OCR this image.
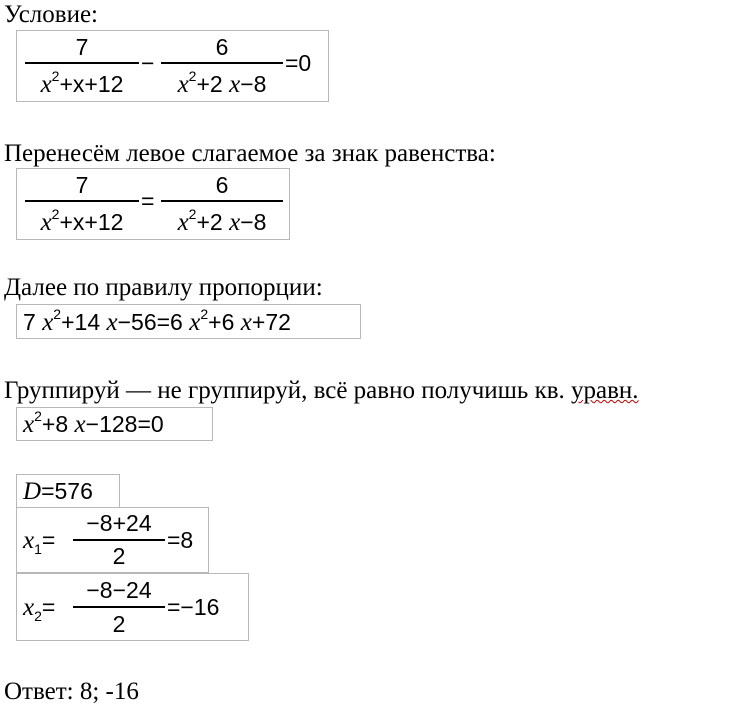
Условие:
7
$x^2+x+12$
−
6
$x^2+2$ x−8
=0
Перенесём левое слагаемое за знак равенства:
7
$x^2+x+12$
=
6
$x^2+2$ x−8
Далее по правилу пропорции:
7 $x^2+14$ x−56=6 $x^2+6$ x+72
Группируй — не группируй, всё равно получишь кв. уравн.
$x^2+8$ x−128=0
D=576
$x_1=$
−8+24
2
=8
$x_2=$
−8−24
2
=−16
Ответ: 8; -16
